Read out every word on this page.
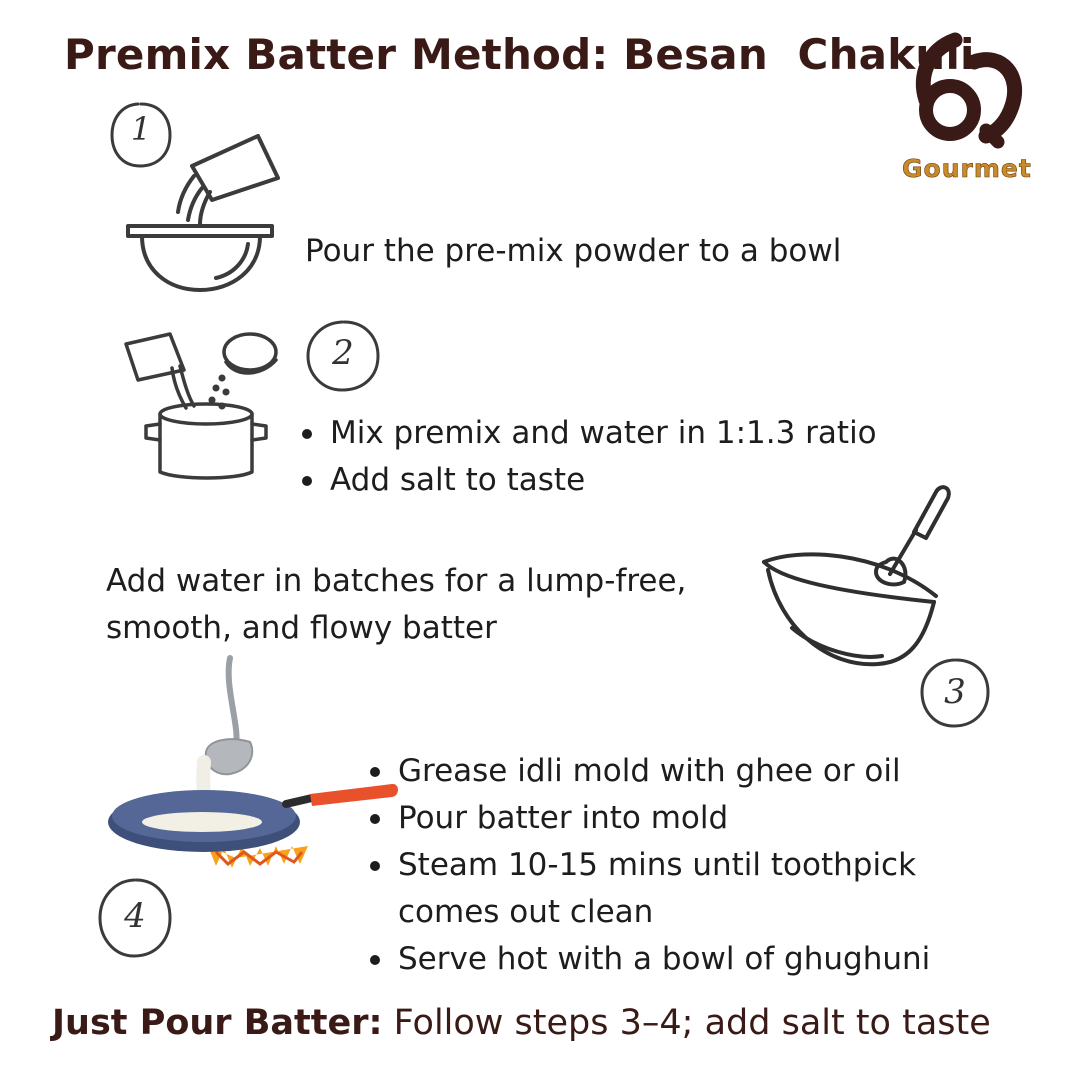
Premix Batter Method: Besan  Chakuli
Gourmet
1
Pour the pre-mix powder to a bowl
2
Mix premix and water in 1:1.3 ratio
Add salt to taste
Add water in batches for a lump-free, smooth, and flowy batter
3
4
Grease idli mold with ghee or oil
Pour batter into mold
Steam 10-15 mins until toothpick comes out clean
Serve hot with a bowl of ghughuni
Just Pour Batter: Follow steps 3–4; add salt to taste
